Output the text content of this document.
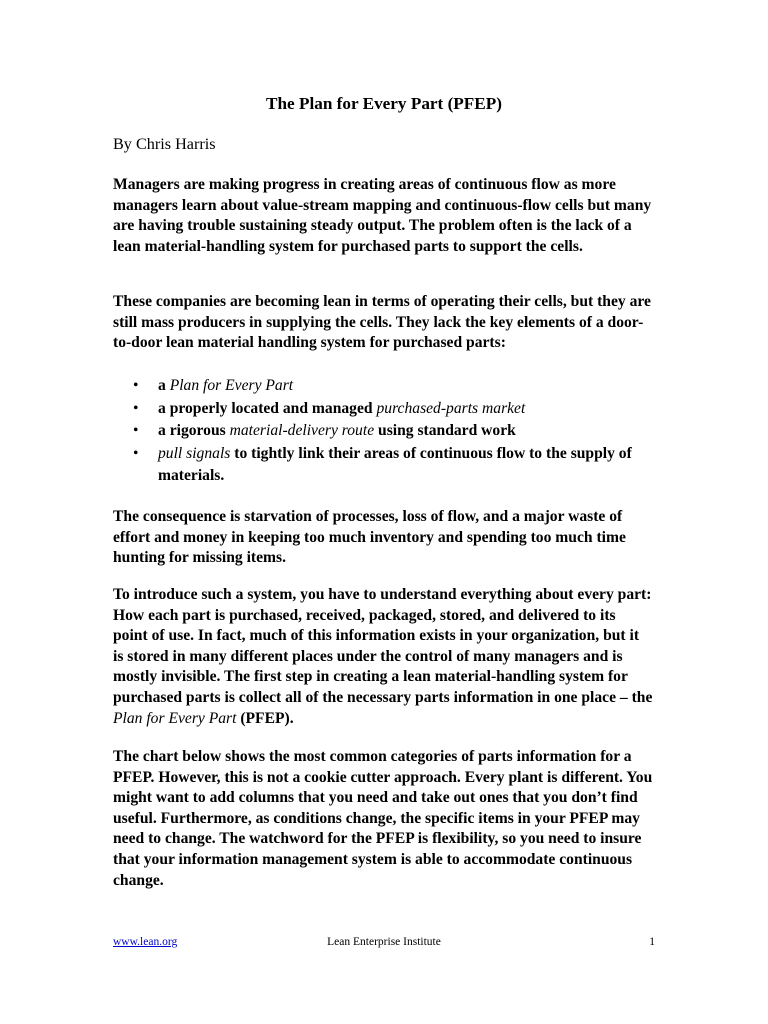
The Plan for Every Part (PFEP)
By Chris Harris

Managers are making progress in creating areas of continuous flow as more managers learn about value-stream mapping and continuous-flow cells but many are having trouble sustaining steady output. The problem often is the lack of a lean material-handling system for purchased parts to support the cells.

These companies are becoming lean in terms of operating their cells, but they are still mass producers in supplying the cells. They lack the key elements of a door-to-door lean material handling system for purchased parts:

• a Plan for Every Part
• a properly located and managed purchased-parts market
• a rigorous material-delivery route using standard work
• pull signals to tightly link their areas of continuous flow to the supply of materials.

The consequence is starvation of processes, loss of flow, and a major waste of effort and money in keeping too much inventory and spending too much time hunting for missing items.

To introduce such a system, you have to understand everything about every part: How each part is purchased, received, packaged, stored, and delivered to its point of use. In fact, much of this information exists in your organization, but it is stored in many different places under the control of many managers and is mostly invisible. The first step in creating a lean material-handling system for purchased parts is collect all of the necessary parts information in one place – the Plan for Every Part (PFEP).

The chart below shows the most common categories of parts information for a PFEP. However, this is not a cookie cutter approach. Every plant is different. You might want to add columns that you need and take out ones that you don’t find useful. Furthermore, as conditions change, the specific items in your PFEP may need to change. The watchword for the PFEP is flexibility, so you need to insure that your information management system is able to accommodate continuous change.

www.lean.org	Lean Enterprise Institute	1
